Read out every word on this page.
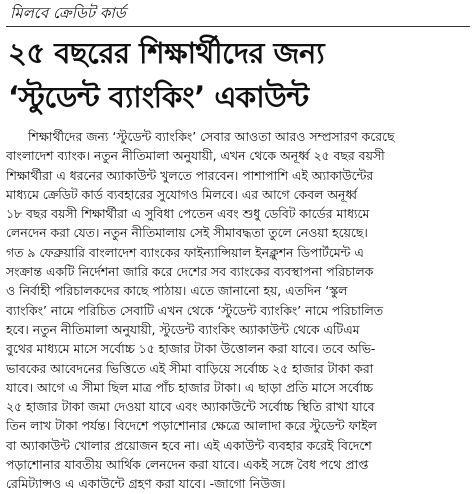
মিলবে ক্রেডিট কার্ড
২৫ বছরের শিক্ষার্থীদের জন্য
‘স্টুডেন্ট ব্যাংকিং’ একাউন্ট
শিক্ষার্থীদের জন্য ‘স্টুডেন্ট ব্যাংকিং’ সেবার আওতা আরও সম্প্রসারণ করেছে
বাংলাদেশ ব্যাংক। নতুন নীতিমালা অনুযায়ী, এখন থেকে অনূর্ধ্ব ২৫ বছর বয়সী
শিক্ষার্থীরা এ ধরনের অ্যাকাউন্ট খুলতে পারবেন। পাশাপাশি এই অ্যাকাউন্টের
মাধ্যমে ক্রেডিট কার্ড ব্যবহারের সুযোগও মিলবে। এর আগে কেবল অনূর্ধ্ব
১৮ বছর বয়সী শিক্ষার্থীরা এ সুবিধা পেতেন এবং শুধু ডেবিট কার্ডের মাধ্যমে
লেনদেন করা যেত। নতুন নীতিমালায় সেই সীমাবদ্ধতা তুলে নেওয়া হয়েছে।
গত ৯ ফেব্রুয়ারি বাংলাদেশ ব্যাংকের ফাইন্যান্সিয়াল ইনক্লুশন ডিপার্টমেন্ট এ
সংক্রান্ত একটি নির্দেশনা জারি করে দেশের সব ব্যাংকের ব্যবস্থাপনা পরিচালক
ও নির্বাহী পরিচালকদের কাছে পাঠায়। এতে জানানো হয়, এতদিন ‘স্কুল
ব্যাংকিং’ নামে পরিচিত সেবাটি এখন থেকে ‘স্টুডেন্ট ব্যাংকিং’ নামে পরিচালিত
হবে। নতুন নীতিমালা অনুযায়ী, স্টুডেন্ট ব্যাংকিং অ্যাকাউন্ট থেকে এটিএম
বুথের মাধ্যমে মাসে সর্বোচ্চ ১৫ হাজার টাকা উত্তোলন করা যাবে। তবে অভি-
ভাবকের আবেদনের ভিত্তিতে এই সীমা বাড়িয়ে সর্বোচ্চ ২৫ হাজার টাকা করা
যাবে। আগে এ সীমা ছিল মাত্র পাঁচ হাজার টাকা। এ ছাড়া প্রতি মাসে সর্বোচ্চ
২৫ হাজার টাকা জমা দেওয়া যাবে এবং অ্যাকাউন্টে সর্বোচ্চ স্থিতি রাখা যাবে
তিন লাখ টাকা পর্যন্ত। বিদেশে পড়াশোনার ক্ষেত্রে আলাদা করে স্টুডেন্ট ফাইল
বা অ্যাকাউন্ট খোলার প্রয়োজন হবে না। এই একাউন্ট ব্যবহার করেই বিদেশে
পড়াশোনার যাবতীয় আর্থিক লেনদেন করা যাবে। একই সঙ্গে বৈধ পথে প্রাপ্ত
রেমিট্যান্সও এ একাউন্টে গ্রহণ করা যাবে। -জাগো নিউজ।
